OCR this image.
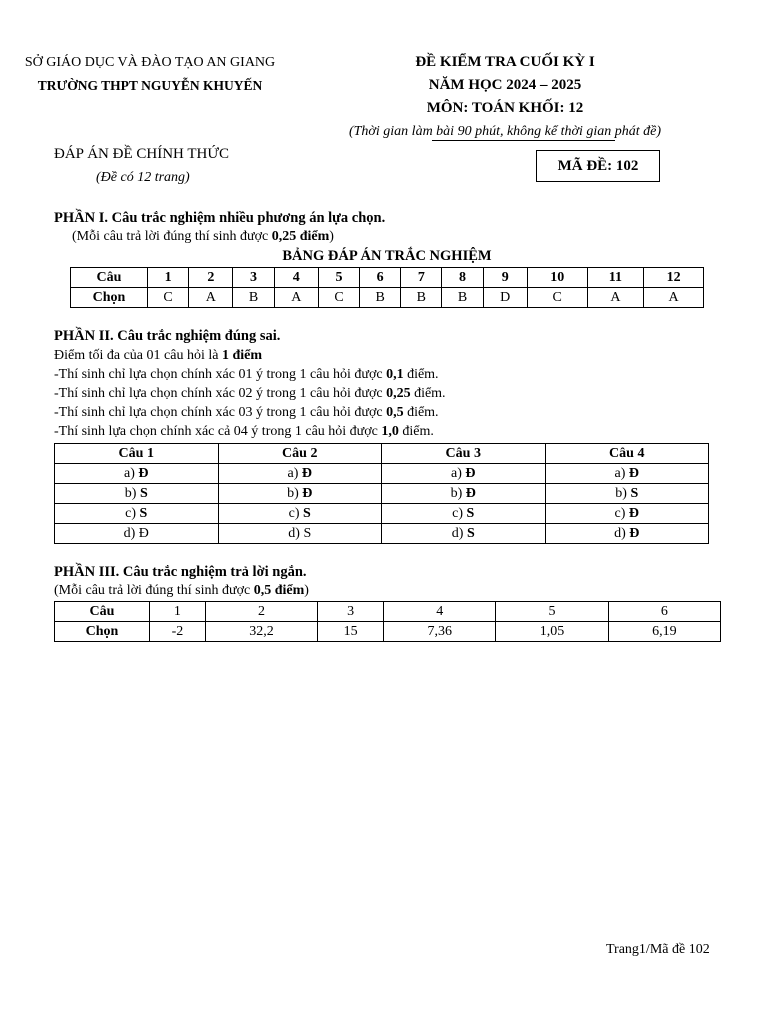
SỞ GIÁO DỤC VÀ ĐÀO TẠO AN GIANG
TRƯỜNG THPT NGUYỄN KHUYẾN
ĐỀ KIỂM TRA CUỐI KỲ I
NĂM HỌC 2024 – 2025
MÔN: TOÁN KHỐI: 12
(Thời gian làm bài 90 phút, không kể thời gian phát đề)
ĐÁP ÁN ĐỀ CHÍNH THỨC
(Đề có 12 trang)
MÃ ĐỀ: 102
PHẦN I. Câu trắc nghiệm nhiều phương án lựa chọn.
(Mỗi câu trả lời đúng thí sinh được 0,25 điểm)
BẢNG ĐÁP ÁN TRẮC NGHIỆM
Câu	1	2	3	4	5	6	7	8	9	10	11	12
Chọn	C	A	B	A	C	B	B	B	D	C	A	A
PHẦN II. Câu trắc nghiệm đúng sai.
Điểm tối đa của 01 câu hỏi là 1 điểm
-Thí sinh chỉ lựa chọn chính xác 01 ý trong 1 câu hỏi được 0,1 điểm.
-Thí sinh chỉ lựa chọn chính xác 02 ý trong 1 câu hỏi được 0,25 điểm.
-Thí sinh chỉ lựa chọn chính xác 03 ý trong 1 câu hỏi được 0,5 điểm.
-Thí sinh lựa chọn chính xác cả 04 ý trong 1 câu hỏi được 1,0 điểm.
Câu 1	Câu 2	Câu 3	Câu 4
a) Đ	a) Đ	a) Đ	a) Đ
b) S	b) Đ	b) Đ	b) S
c) S	c) S	c) S	c) Đ
d) Đ	d) S	d) S	d) Đ
PHẦN III. Câu trắc nghiệm trả lời ngắn.
(Mỗi câu trả lời đúng thí sinh được 0,5 điểm)
Câu	1	2	3	4	5	6
Chọn	-2	32,2	15	7,36	1,05	6,19
Trang1/Mã đề 102
